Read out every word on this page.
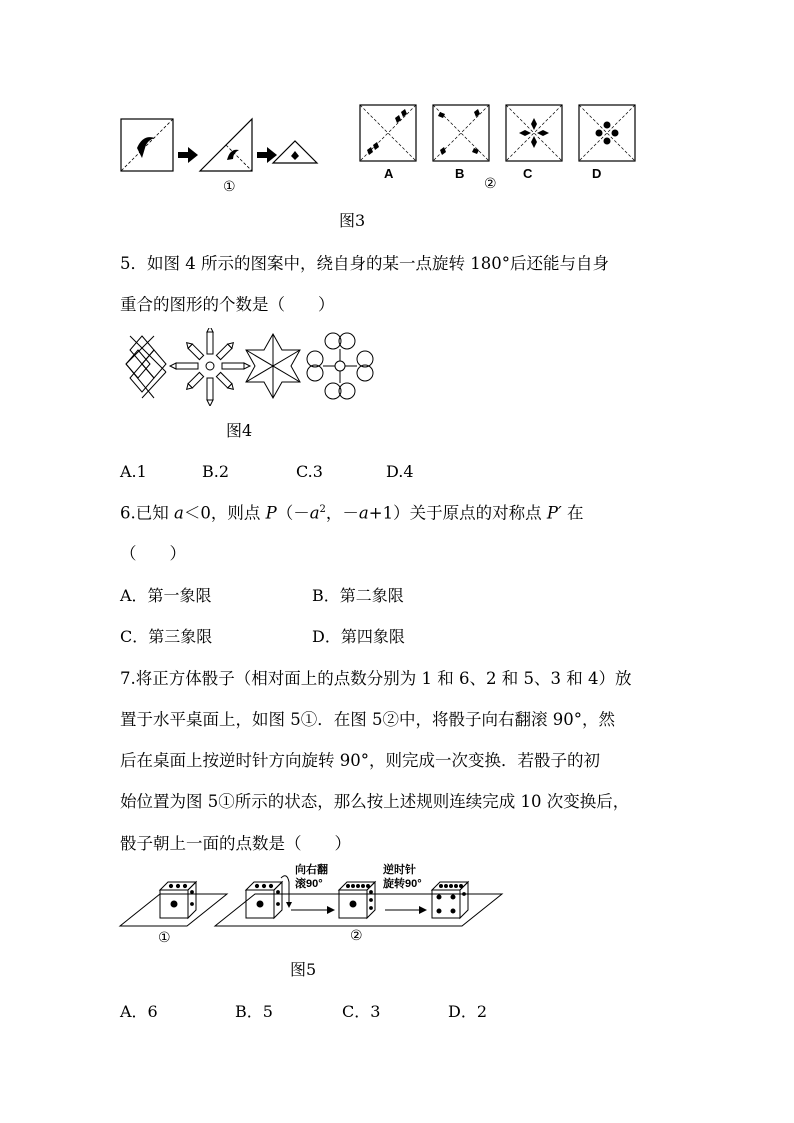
①
A	B
②
C	D
图3
5．如图 4 所示的图案中，绕自身的某一点旋转 180°后还能与自身
重合的图形的个数是（　　）
图4
A.1	B.2	C.3	D.4
6.已知 a＜0，则点 $P(-a^2$，－a+1）关于原点的对称点 P′ 在
（　　）
A．第一象限	B．第二象限
C．第三象限	D．第四象限
7.将正方体骰子（相对面上的点数分别为 1 和 6、2 和 5、3 和 4）放
置于水平桌面上，如图 5①．在图 5②中，将骰子向右翻滚 90°，然
后在桌面上按逆时针方向旋转 90°，则完成一次变换．若骰子的初
始位置为图 5①所示的状态，那么按上述规则连续完成 10 次变换后，
骰子朝上一面的点数是（　　）
向右翻
滚90°
逆时针
旋转90°
①	②
图5
A．6	B．5	C．3	D．2
